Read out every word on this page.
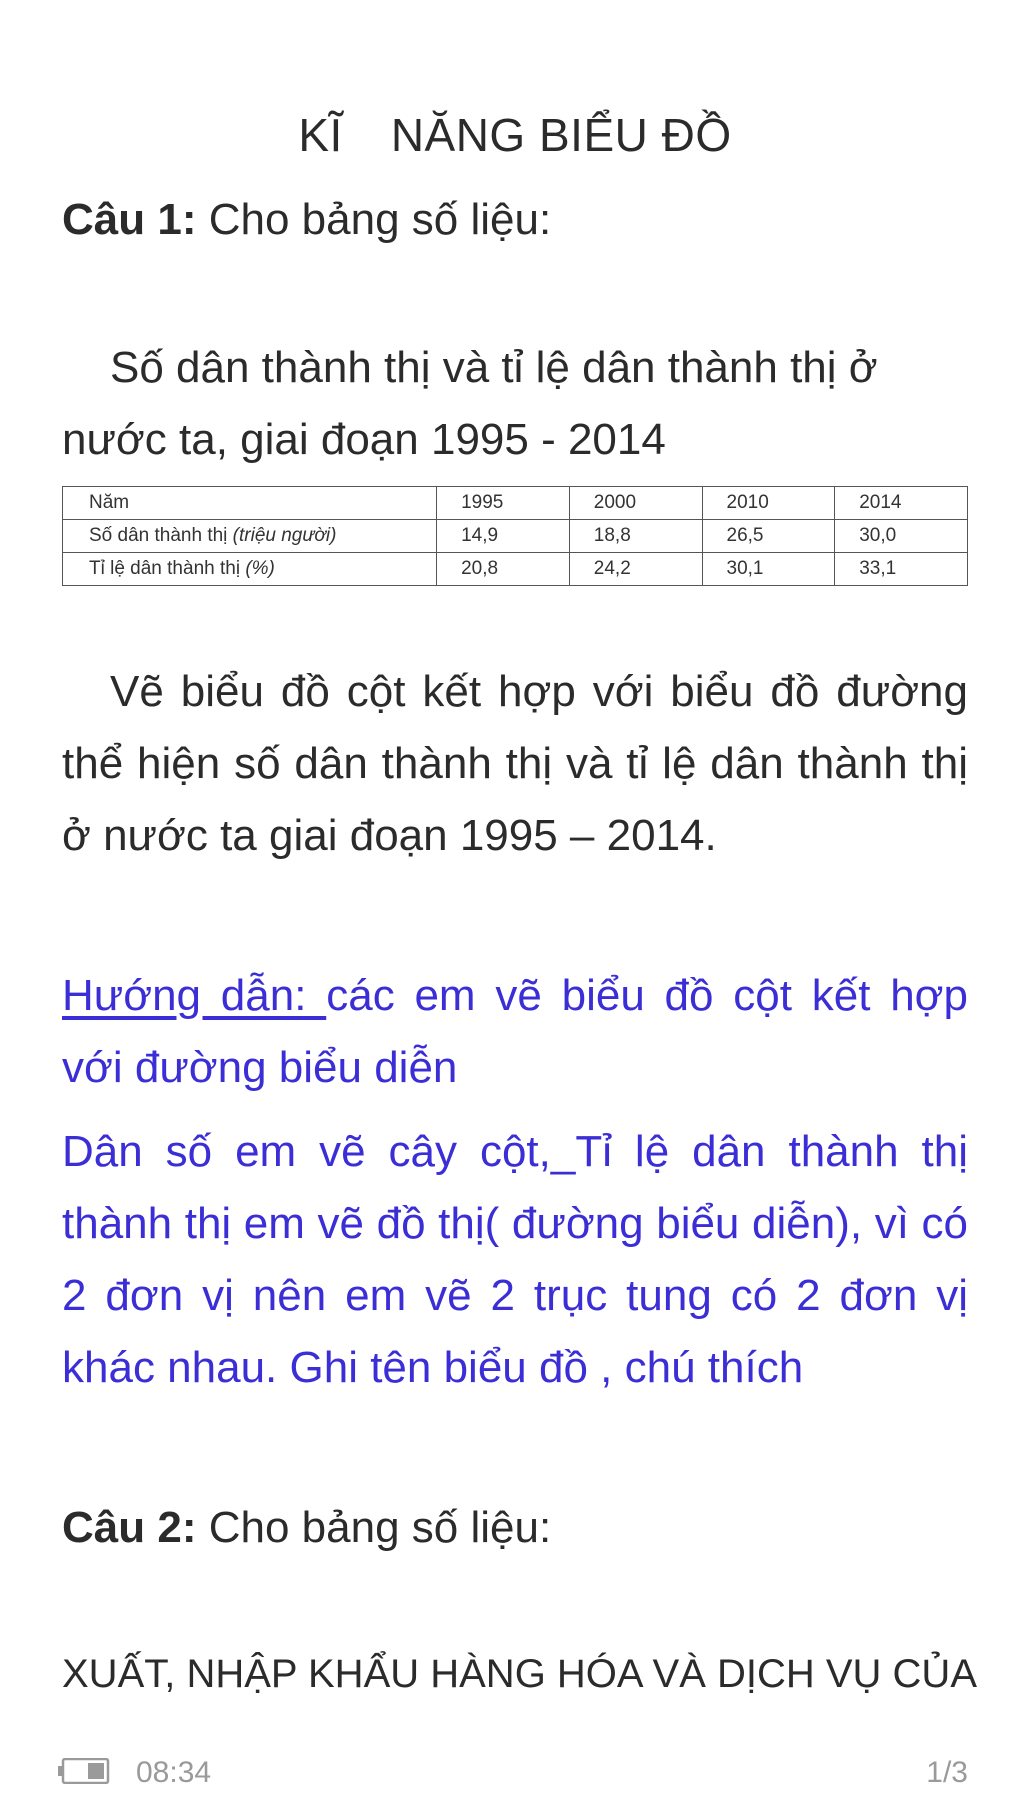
KĨ NĂNG BIỂU ĐỒ
Câu 1: Cho bảng số liệu:
Số dân thành thị và tỉ lệ dân thành thị ở
nước ta, giai đoạn 1995 - 2014
Năm	1995	2000	2010	2014
Số dân thành thị (triệu người)	14,9	18,8	26,5	30,0
Tỉ lệ dân thành thị (%)	20,8	24,2	30,1	33,1
Vẽ biểu đồ cột kết hợp với biểu đồ đường thể hiện số dân thành thị và tỉ lệ dân thành thị ở nước ta giai đoạn 1995 – 2014.
Hướng dẫn: các em vẽ biểu đồ cột kết hợp với đường biểu diễn
Dân số em vẽ cây cột,_Tỉ lệ dân thành thị thành thị em vẽ đồ thị( đường biểu diễn), vì có 2 đơn vị nên em vẽ 2 trục tung có 2 đơn vị khác nhau. Ghi tên biểu đồ , chú thích
Câu 2: Cho bảng số liệu:
XUẤT, NHẬP KHẨU HÀNG HÓA VÀ DỊCH VỤ CỦA
08:34	1/3
